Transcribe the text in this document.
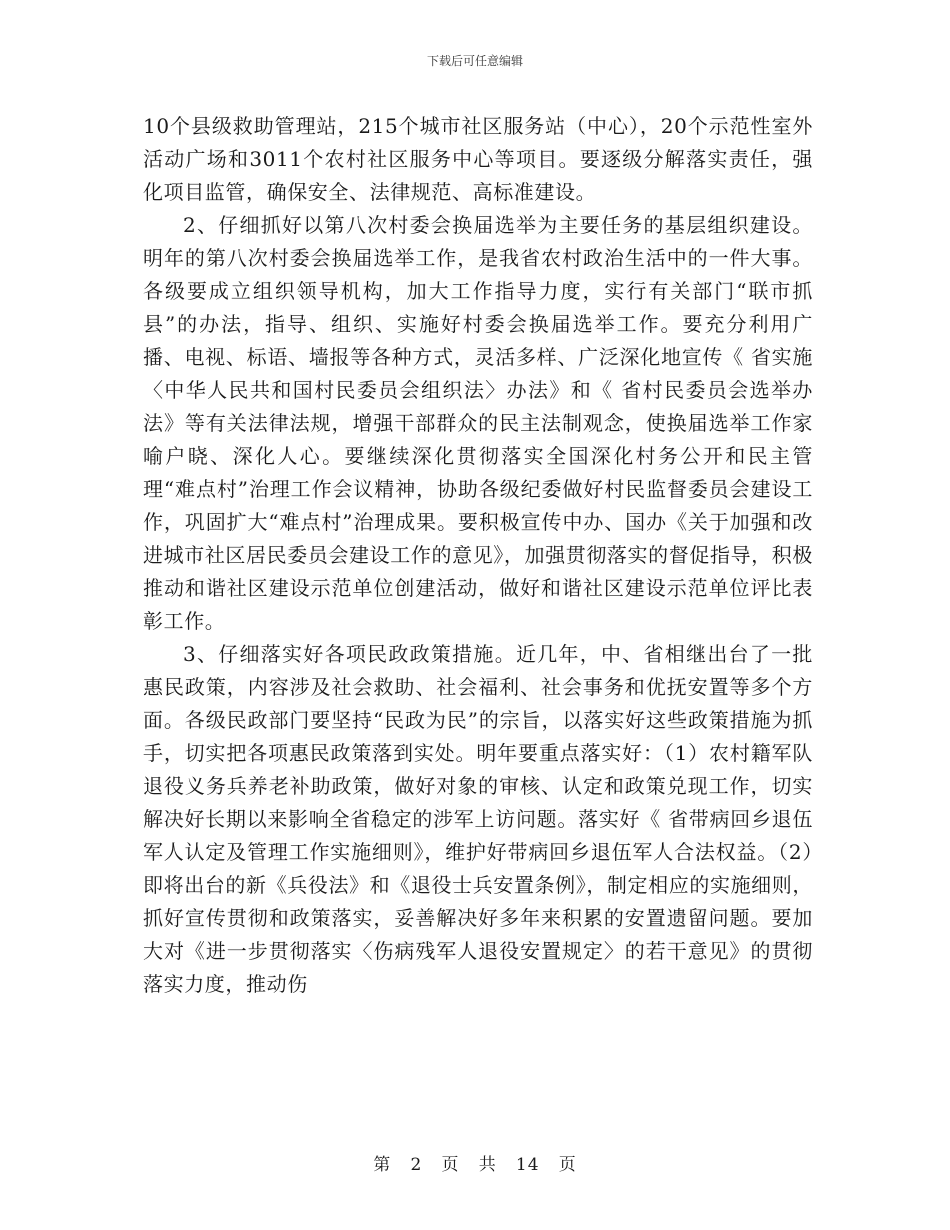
下载后可任意编辑

10个县级救助管理站，215个城市社区服务站（中心），20个示范性室外活动广场和3011个农村社区服务中心等项目。要逐级分解落实责任，强化项目监管，确保安全、法律规范、高标准建设。

2、仔细抓好以第八次村委会换届选举为主要任务的基层组织建设。明年的第八次村委会换届选举工作，是我省农村政治生活中的一件大事。各级要成立组织领导机构，加大工作指导力度，实行有关部门“联市抓县”的办法，指导、组织、实施好村委会换届选举工作。要充分利用广播、电视、标语、墙报等各种方式，灵活多样、广泛深化地宣传《 省实施〈中华人民共和国村民委员会组织法〉办法》和《 省村民委员会选举办法》等有关法律法规，增强干部群众的民主法制观念，使换届选举工作家喻户晓、深化人心。要继续深化贯彻落实全国深化村务公开和民主管理“难点村”治理工作会议精神，协助各级纪委做好村民监督委员会建设工作，巩固扩大“难点村”治理成果。要积极宣传中办、国办《关于加强和改进城市社区居民委员会建设工作的意见》，加强贯彻落实的督促指导，积极推动和谐社区建设示范单位创建活动，做好和谐社区建设示范单位评比表彰工作。

3、仔细落实好各项民政政策措施。近几年，中、省相继出台了一批惠民政策，内容涉及社会救助、社会福利、社会事务和优抚安置等多个方面。各级民政部门要坚持“民政为民”的宗旨，以落实好这些政策措施为抓手，切实把各项惠民政策落到实处。明年要重点落实好：（1）农村籍军队退役义务兵养老补助政策，做好对象的审核、认定和政策兑现工作，切实解决好长期以来影响全省稳定的涉军上访问题。落实好《 省带病回乡退伍军人认定及管理工作实施细则》，维护好带病回乡退伍军人合法权益。（2）即将出台的新《兵役法》和《退役士兵安置条例》，制定相应的实施细则，抓好宣传贯彻和政策落实，妥善解决好多年来积累的安置遗留问题。要加大对《进一步贯彻落实〈伤病残军人退役安置规定〉的若干意见》的贯彻落实力度，推动伤

第 2 页 共 14 页
